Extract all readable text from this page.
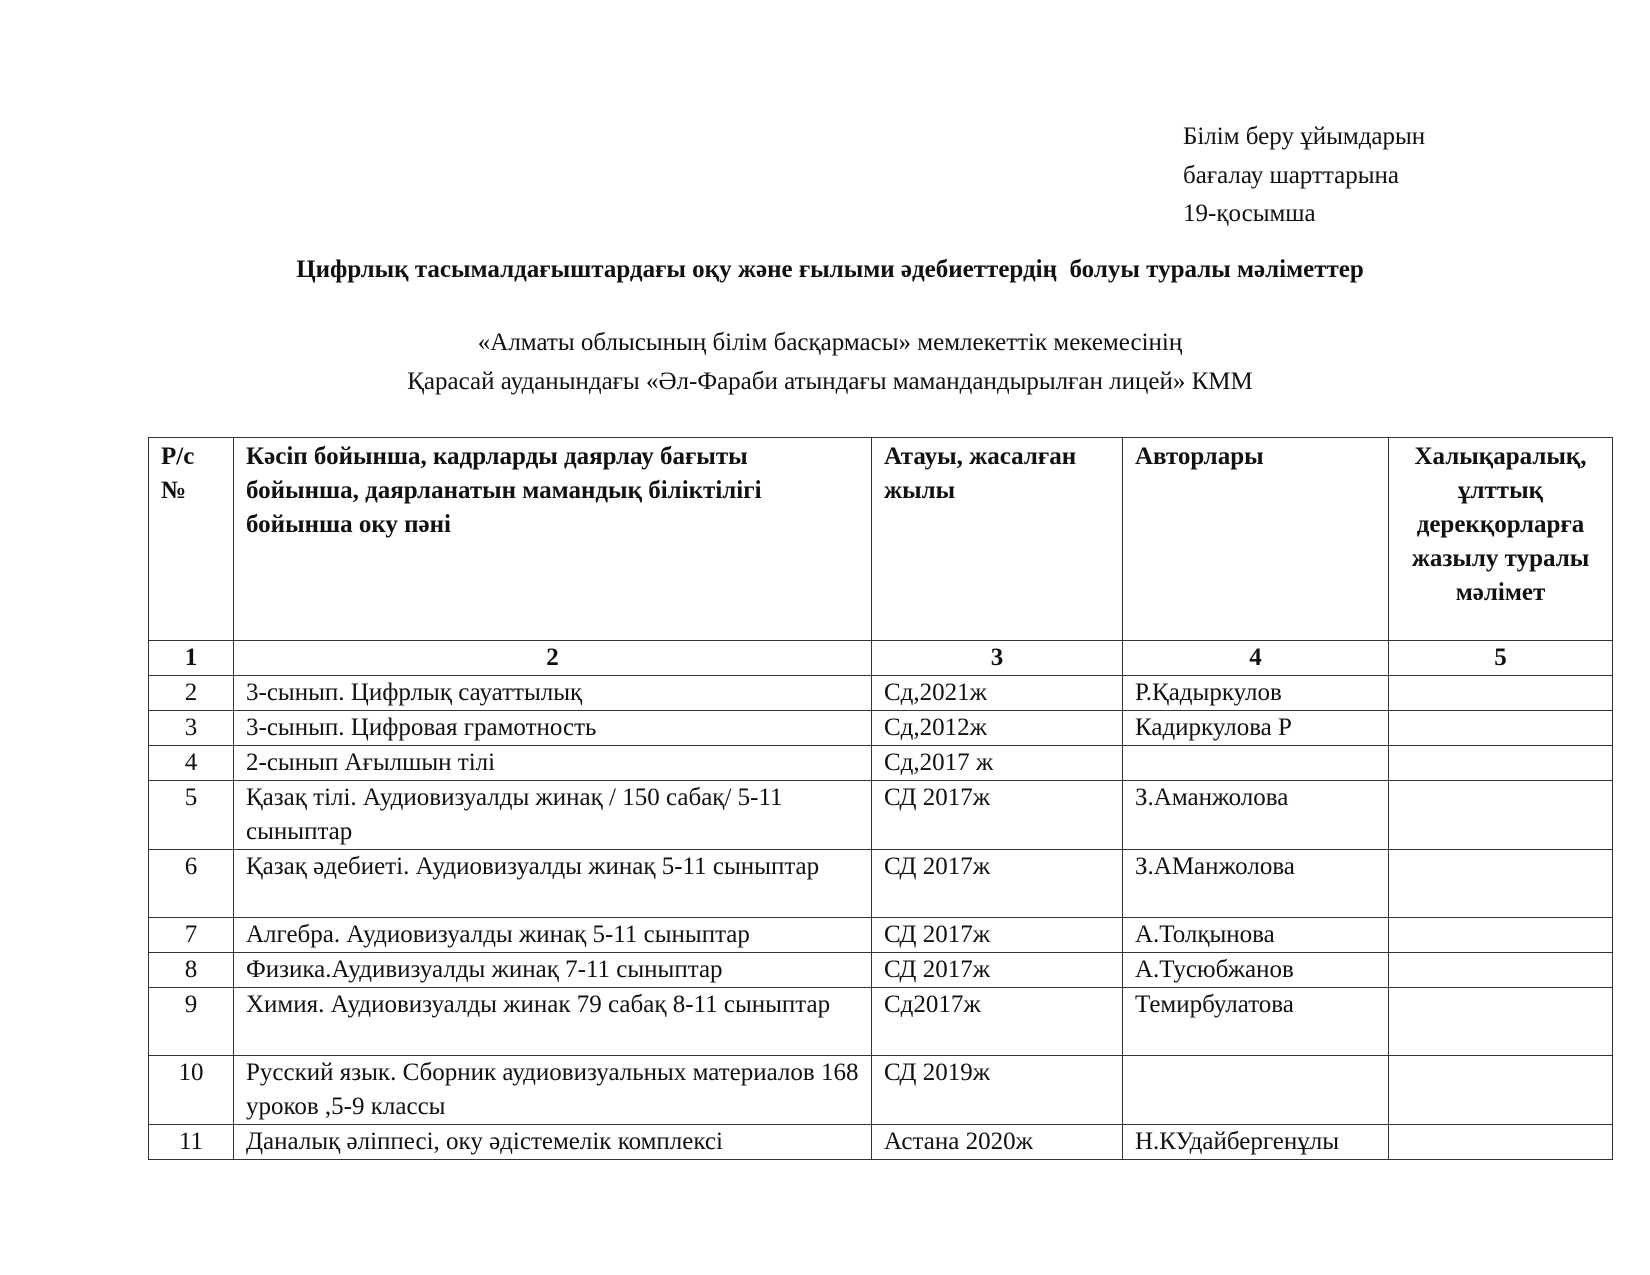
Білім беру ұйымдарын
бағалау шарттарына
19-қосымша
Цифрлық тасымалдағыштардағы оқу және ғылыми әдебиеттердің  болуы туралы мәліметтер
«Алматы облысының білім басқармасы» мемлекеттік мекемесінің
Қарасай ауданындағы «Әл-Фараби атындағы мамандандырылған лицей» КММ
Р/с №	Кәсіп бойынша, кадрларды даярлау бағыты бойынша, даярланатын мамандық біліктілігі бойынша оку пәні	Атауы, жасалған жылы	Авторлары	Халықаралық, ұлттық дерекқорларға жазылу туралы мәлімет
1	2	3	4	5
2	3-сынып. Цифрлық сауаттылық	Сд,2021ж	Р.Қадыркулов	
3	3-сынып. Цифровая грамотность	Сд,2012ж	Кадиркулова Р	
4	2-сынып Ағылшын тілі	Сд,2017 ж		
5	Қазақ тілі. Аудиовизуалды жинақ / 150 сабақ/ 5-11 сыныптар	СД 2017ж	З.Аманжолова	
6	Қазақ әдебиеті. Аудиовизуалды жинақ 5-11 сыныптар	СД 2017ж	З.АМанжолова	
7	Алгебра. Аудиовизуалды жинақ 5-11 сыныптар	СД 2017ж	А.Толқынова	
8	Физика.Аудивизуалды жинақ 7-11 сыныптар	СД 2017ж	А.Тусюбжанов	
9	Химия. Аудиовизуалды жинак 79 сабақ 8-11 сыныптар	Сд2017ж	Темирбулатова	
10	Русский язык. Сборник аудиовизуальных материалов 168 уроков ,5-9 классы	СД 2019ж		
11	Даналық әліппесі, оку әдістемелік комплексі	Астана 2020ж	Н.КУдайбергенұлы	
